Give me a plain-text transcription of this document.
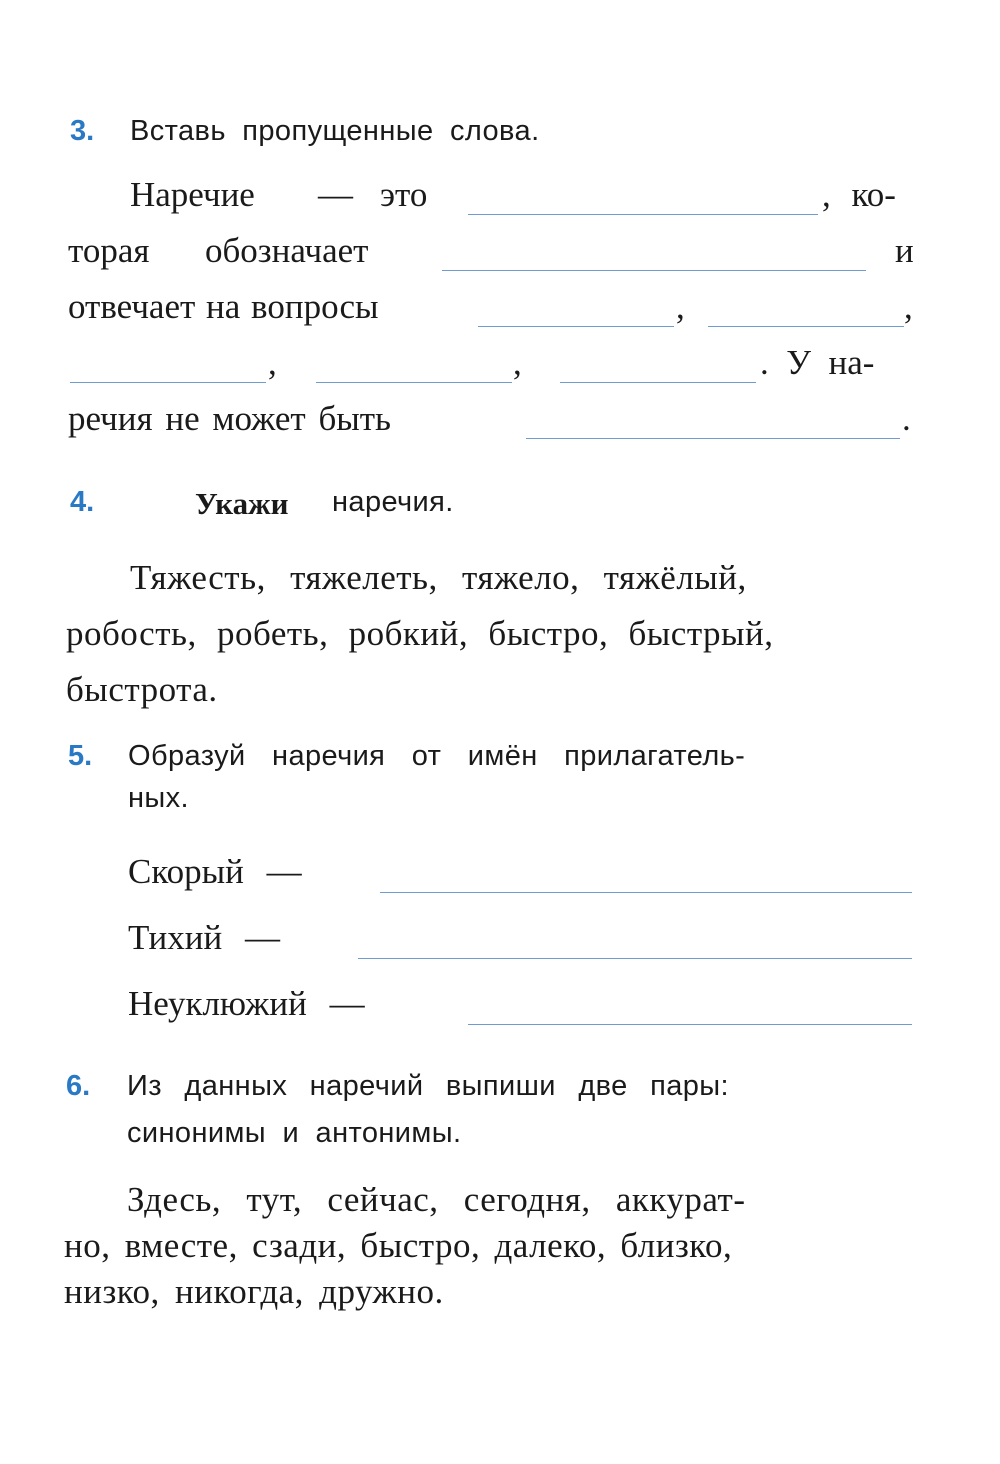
3. Вставь пропущенные слова.
Наречие — это	, ко-
торая обозначает	и
отвечает на вопросы	,	,
,	,	.  У  на-
речия не может быть	.
4.	Укажи наречия.
Тяжесть, тяжелеть, тяжело, тяжёлый,
робость, робеть, робкий, быстро, быстрый,
быстрота.
5. Образуй наречия от имён прилагатель-
ных.
Скорый —
Тихий —
Неуклюжий —
6. Из данных наречий выпиши две пары:
синонимы и антонимы.
Здесь, тут, сейчас, сегодня, аккурат-
но, вместе, сзади, быстро, далеко, близко,
низко, никогда, дружно.
